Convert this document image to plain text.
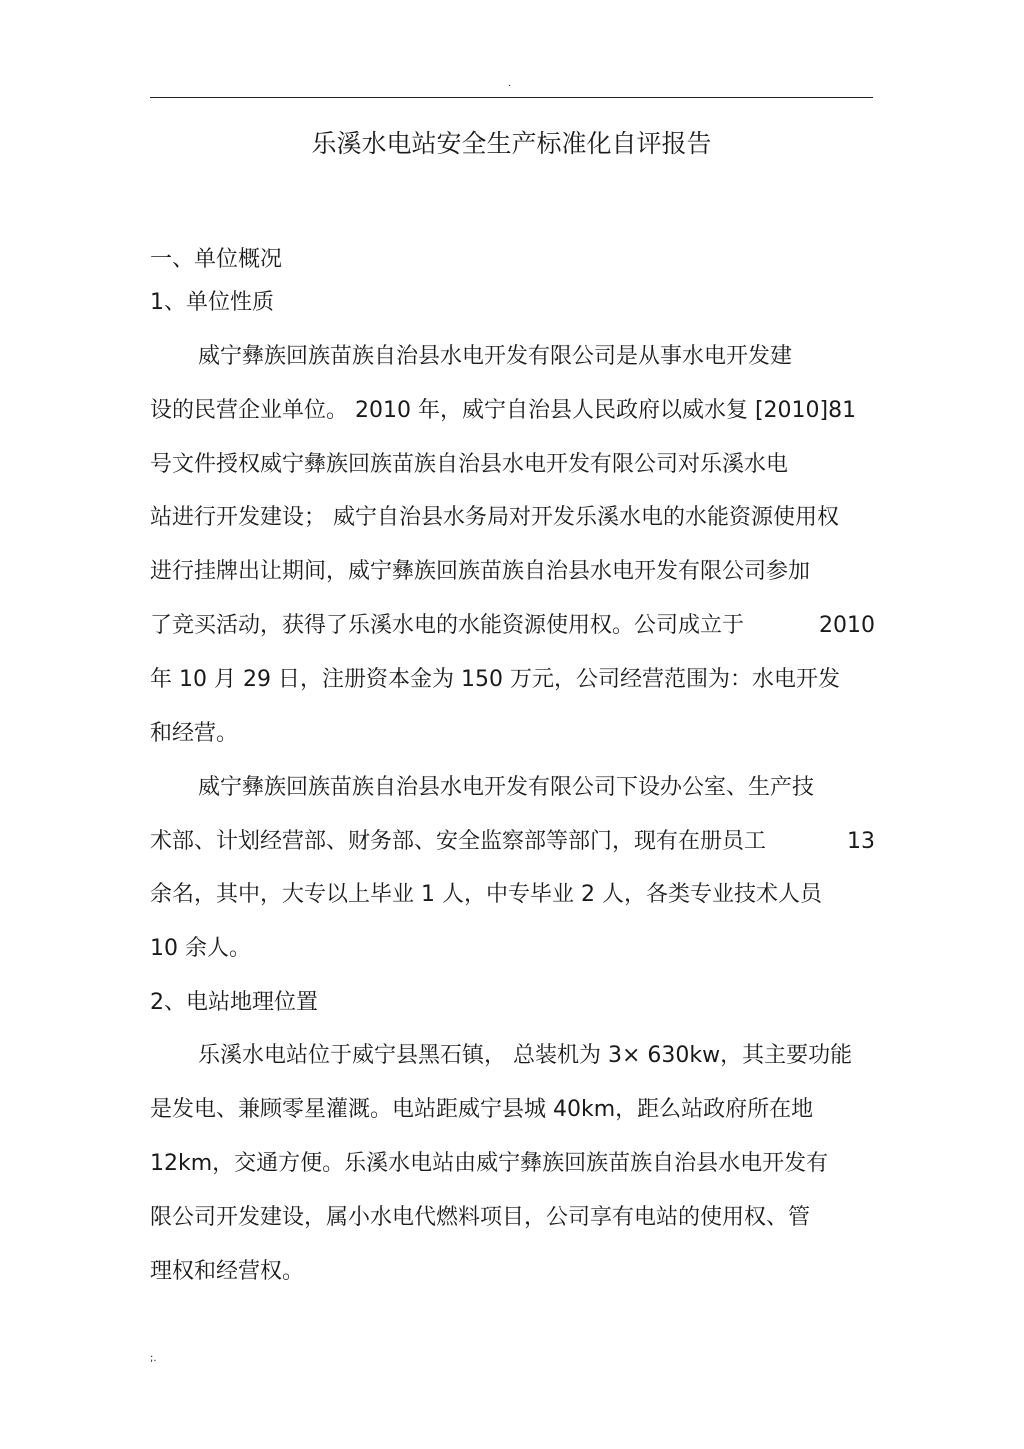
.
乐溪水电站安全生产标准化自评报告
一、单位概况
1、单位性质
威宁彝族回族苗族自治县水电开发有限公司是从事水电开发建
设的民营企业单位。 2010 年，威宁自治县人民政府以威水复 [2010]81
号文件授权威宁彝族回族苗族自治县水电开发有限公司对乐溪水电
站进行开发建设； 威宁自治县水务局对开发乐溪水电的水能资源使用权
进行挂牌出让期间，威宁彝族回族苗族自治县水电开发有限公司参加
了竞买活动，获得了乐溪水电的水能资源使用权。公司成立于	2010
年 10 月 29 日，注册资本金为 150 万元，公司经营范围为：水电开发
和经营。
威宁彝族回族苗族自治县水电开发有限公司下设办公室、生产技
术部、计划经营部、财务部、安全监察部等部门，现有在册员工	13
余名，其中，大专以上毕业 1 人，中专毕业 2 人，各类专业技术人员
10 余人。
2、电站地理位置
乐溪水电站位于威宁县黑石镇， 总装机为 3× 630kw，其主要功能
是发电、兼顾零星灌溉。电站距威宁县城 40km，距么站政府所在地
12km，交通方便。乐溪水电站由威宁彝族回族苗族自治县水电开发有
限公司开发建设，属小水电代燃料项目，公司享有电站的使用权、管
理权和经营权。
;.
